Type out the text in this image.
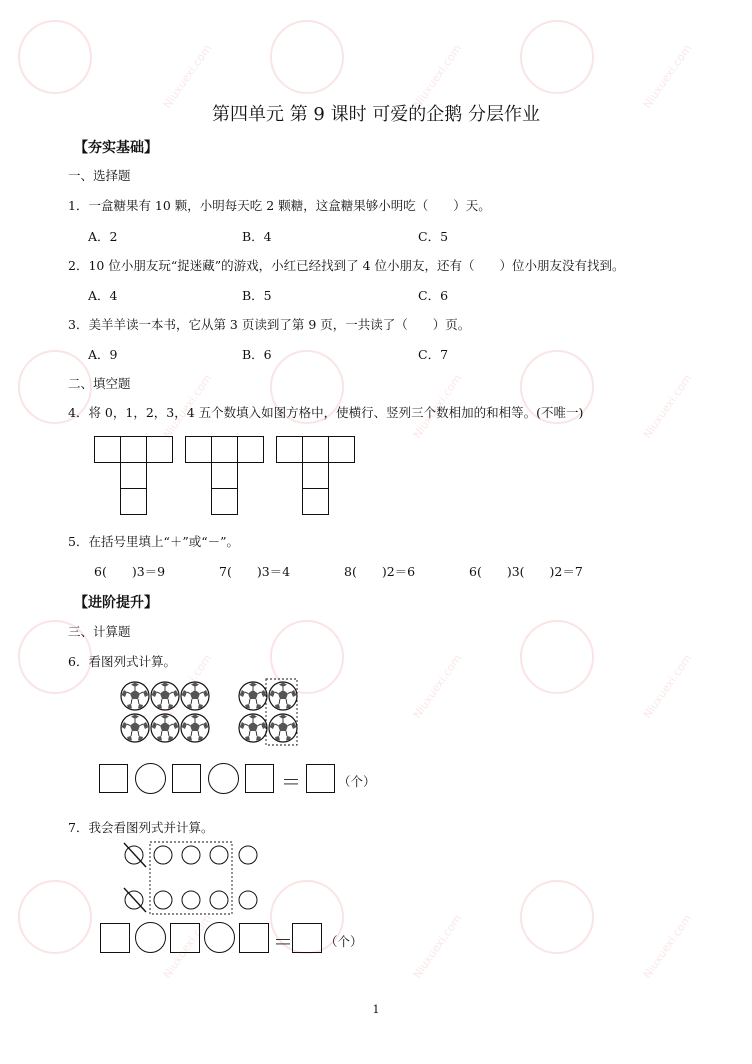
Niuxuexi.com	Niuxuexi.com	Niuxuexi.com
Niuxuexi.com	Niuxuexi.com	Niuxuexi.com
Niuxuexi.com	Niuxuexi.com
Niuxuexi.com	Niuxuexi.com	Niuxuexi.com
第四单元 第 9 课时 可爱的企鹅 分层作业
【夯实基础】
一、选择题
1．一盒糖果有 10 颗，小明每天吃 2 颗糖，这盒糖果够小明吃（　　）天。
A．2	B．4	C．5
2．10 位小朋友玩“捉迷藏”的游戏，小红已经找到了 4 位小朋友，还有（　　）位小朋友没有找到。
A．4	B．5	C．6
3．美羊羊读一本书，它从第 3 页读到了第 9 页，一共读了（　　）页。
A．9	B．6	C．7
二、填空题
4．将 0，1，2，3，4 五个数填入如图方格中，使横行、竖列三个数相加的和相等。(不唯一)
5．在括号里填上“＋”或“－”。
6(　　)3＝9	7(　　)3＝4	8(　　)2＝6	6(　　)3(　　)2＝7
【进阶提升】
三、计算题
6．看图列式计算。
＝	（个）
7．我会看图列式并计算。
＝	（个）
1
